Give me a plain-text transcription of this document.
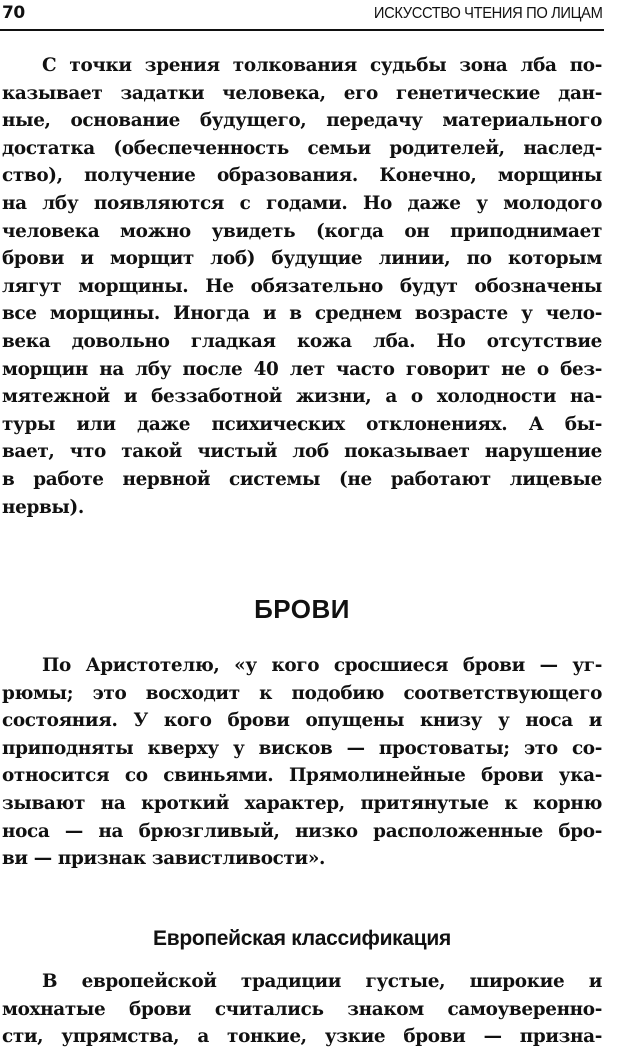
70	ИСКУССТВО ЧТЕНИЯ ПО ЛИЦАМ
С точки зрения толкования судьбы зона лба по-
казывает задатки человека, его генетические дан-
ные, основание будущего, передачу материального
достатка (обеспеченность семьи родителей, наслед-
ство), получение образования. Конечно, морщины
на лбу появляются с годами. Но даже у молодого
человека можно увидеть (когда он приподнимает
брови и морщит лоб) будущие линии, по которым
лягут морщины. Не обязательно будут обозначены
все морщины. Иногда и в среднем возрасте у чело-
века довольно гладкая кожа лба. Но отсутствие
морщин на лбу после 40 лет часто говорит не о без-
мятежной и беззаботной жизни, а о холодности на-
туры или даже психических отклонениях. А бы-
вает, что такой чистый лоб показывает нарушение
в работе нервной системы (не работают лицевые
нервы).
БРОВИ
По Аристотелю, «у кого сросшиеся брови — уг-
рюмы; это восходит к подобию соответствующего
состояния. У кого брови опущены книзу у носа и
приподняты кверху у висков — простоваты; это со-
относится со свиньями. Прямолинейные брови ука-
зывают на кроткий характер, притянутые к корню
носа — на брюзгливый, низко расположенные бро-
ви — признак завистливости».
Европейская классификация
В европейской традиции густые, широкие и
мохнатые брови считались знаком самоуверенно-
сти, упрямства, а тонкие, узкие брови — призна-
